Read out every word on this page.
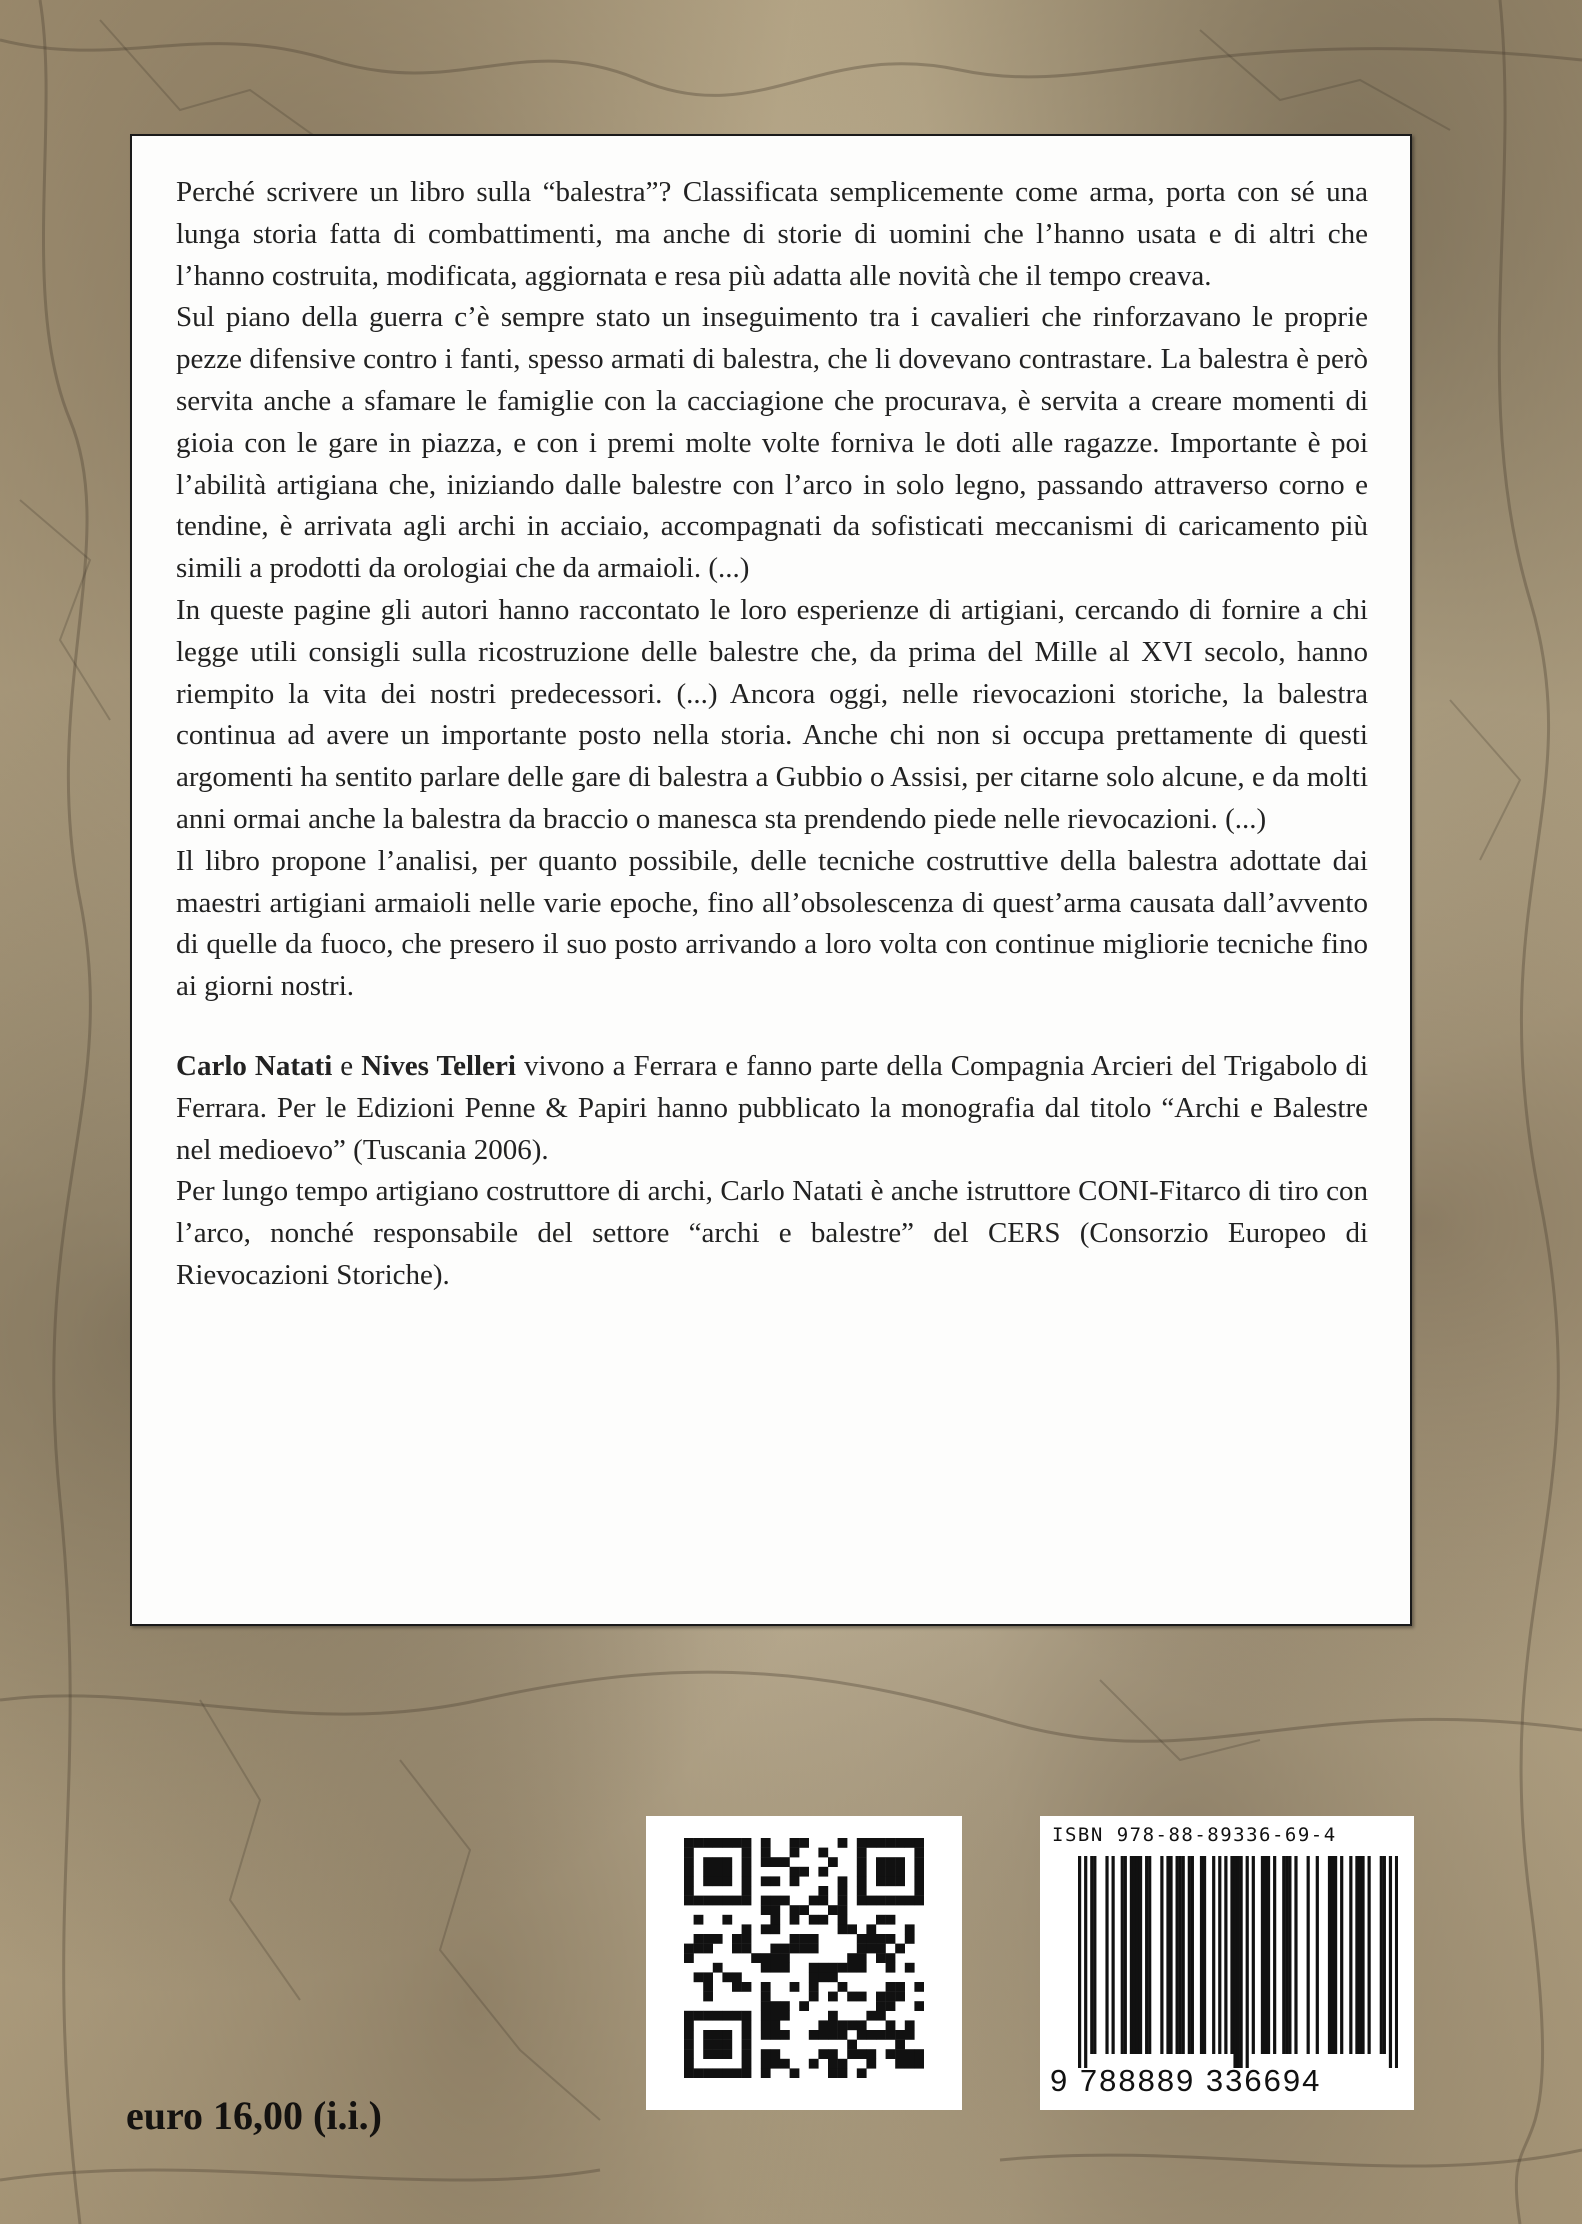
Perché scrivere un libro sulla “balestra”? Classificata semplicemente come arma, porta con sé una lunga storia fatta di combattimenti, ma anche di storie di uomini che l’hanno usata e di altri che l’hanno costruita, modificata, aggiornata e resa più adatta alle novità che il tempo creava.

Sul piano della guerra c’è sempre stato un inseguimento tra i cavalieri che rinforzavano le proprie pezze difensive contro i fanti, spesso armati di balestra, che li dovevano contrastare. La balestra è però servita anche a sfamare le famiglie con la cacciagione che procurava, è servita a creare momenti di gioia con le gare in piazza, e con i premi molte volte forniva le doti alle ragazze. Importante è poi l’abilità artigiana che, iniziando dalle balestre con l’arco in solo legno, passando attraverso corno e tendine, è arrivata agli archi in acciaio, accompagnati da sofisticati meccanismi di caricamento più simili a prodotti da orologiai che da armaioli. (...)

In queste pagine gli autori hanno raccontato le loro esperienze di artigiani, cercando di fornire a chi legge utili consigli sulla ricostruzione delle balestre che, da prima del Mille al XVI secolo, hanno riempito la vita dei nostri predecessori. (...) Ancora oggi, nelle rievocazioni storiche, la balestra continua ad avere un importante posto nella storia. Anche chi non si occupa prettamente di questi argomenti ha sentito parlare delle gare di balestra a Gubbio o Assisi, per citarne solo alcune, e da molti anni ormai anche la balestra da braccio o manesca sta prendendo piede nelle rievocazioni. (...)

Il libro propone l’analisi, per quanto possibile, delle tecniche costruttive della balestra adottate dai maestri artigiani armaioli nelle varie epoche, fino all’obsolescenza di quest’arma causata dall’avvento di quelle da fuoco, che presero il suo posto arrivando a loro volta con continue migliorie tecniche fino ai giorni nostri.

Carlo Natati e Nives Telleri vivono a Ferrara e fanno parte della Compagnia Arcieri del Trigabolo di Ferrara. Per le Edizioni Penne & Papiri hanno pubblicato la monografia dal titolo “Archi e Balestre nel medioevo” (Tuscania 2006).

Per lungo tempo artigiano costruttore di archi, Carlo Natati è anche istruttore CONI-Fitarco di tiro con l’arco, nonché responsabile del settore “archi e balestre” del CERS (Consorzio Europeo di Rievocazioni Storiche).

ISBN 978-88-89336-69-4
9 788889 336694
euro 16,00 (i.i.)
